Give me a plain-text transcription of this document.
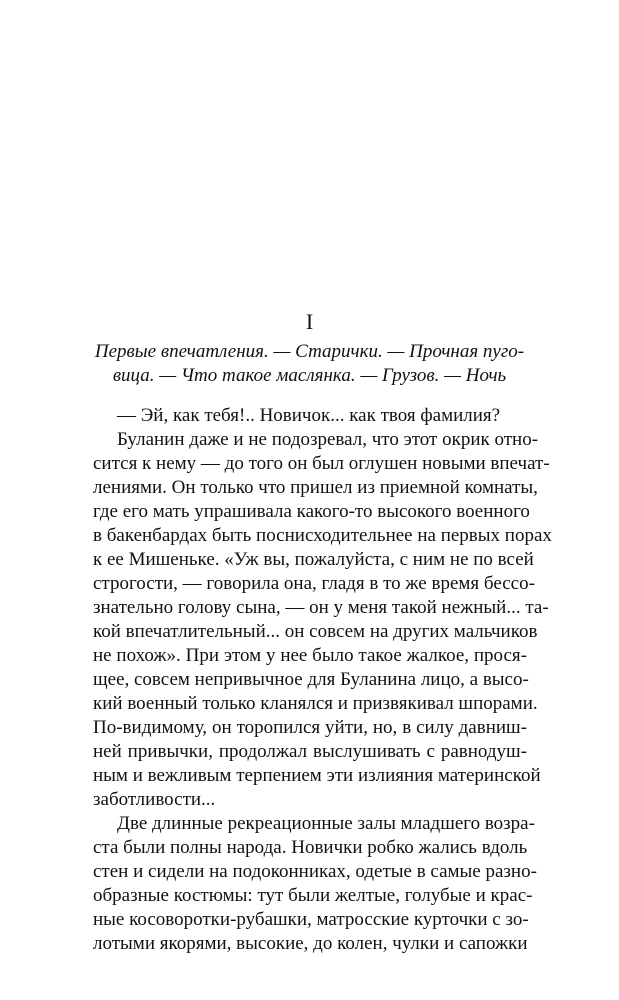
I
Первые впечатления. — Старички. — Прочная пуго-
вица. — Что такое маслянка. — Грузов. — Ночь
— Эй, как тебя!.. Новичок... как твоя фамилия?
Буланин даже и не подозревал, что этот окрик отно-
сится к нему — до того он был оглушен новыми впечат-
лениями. Он только что пришел из приемной комнаты,
где его мать упрашивала какого-то высокого военного
в бакенбардах быть поснисходительнее на первых порах
к ее Мишеньке. «Уж вы, пожалуйста, с ним не по всей
строгости, — говорила она, гладя в то же время бессо-
знательно голову сына, — он у меня такой нежный... та-
кой впечатлительный... он совсем на других мальчиков
не похож». При этом у нее было такое жалкое, прося-
щее, совсем непривычное для Буланина лицо, а высо-
кий военный только кланялся и призвякивал шпорами.
По-видимому, он торопился уйти, но, в силу давниш-
ней привычки, продолжал выслушивать с равнодуш-
ным и вежливым терпением эти излияния материнской
заботливости...
Две длинные рекреационные залы младшего возра-
ста были полны народа. Новички робко жались вдоль
стен и сидели на подоконниках, одетые в самые разно-
образные костюмы: тут были желтые, голубые и крас-
ные косоворотки-рубашки, матросские курточки с зо-
лотыми якорями, высокие, до колен, чулки и сапожки
